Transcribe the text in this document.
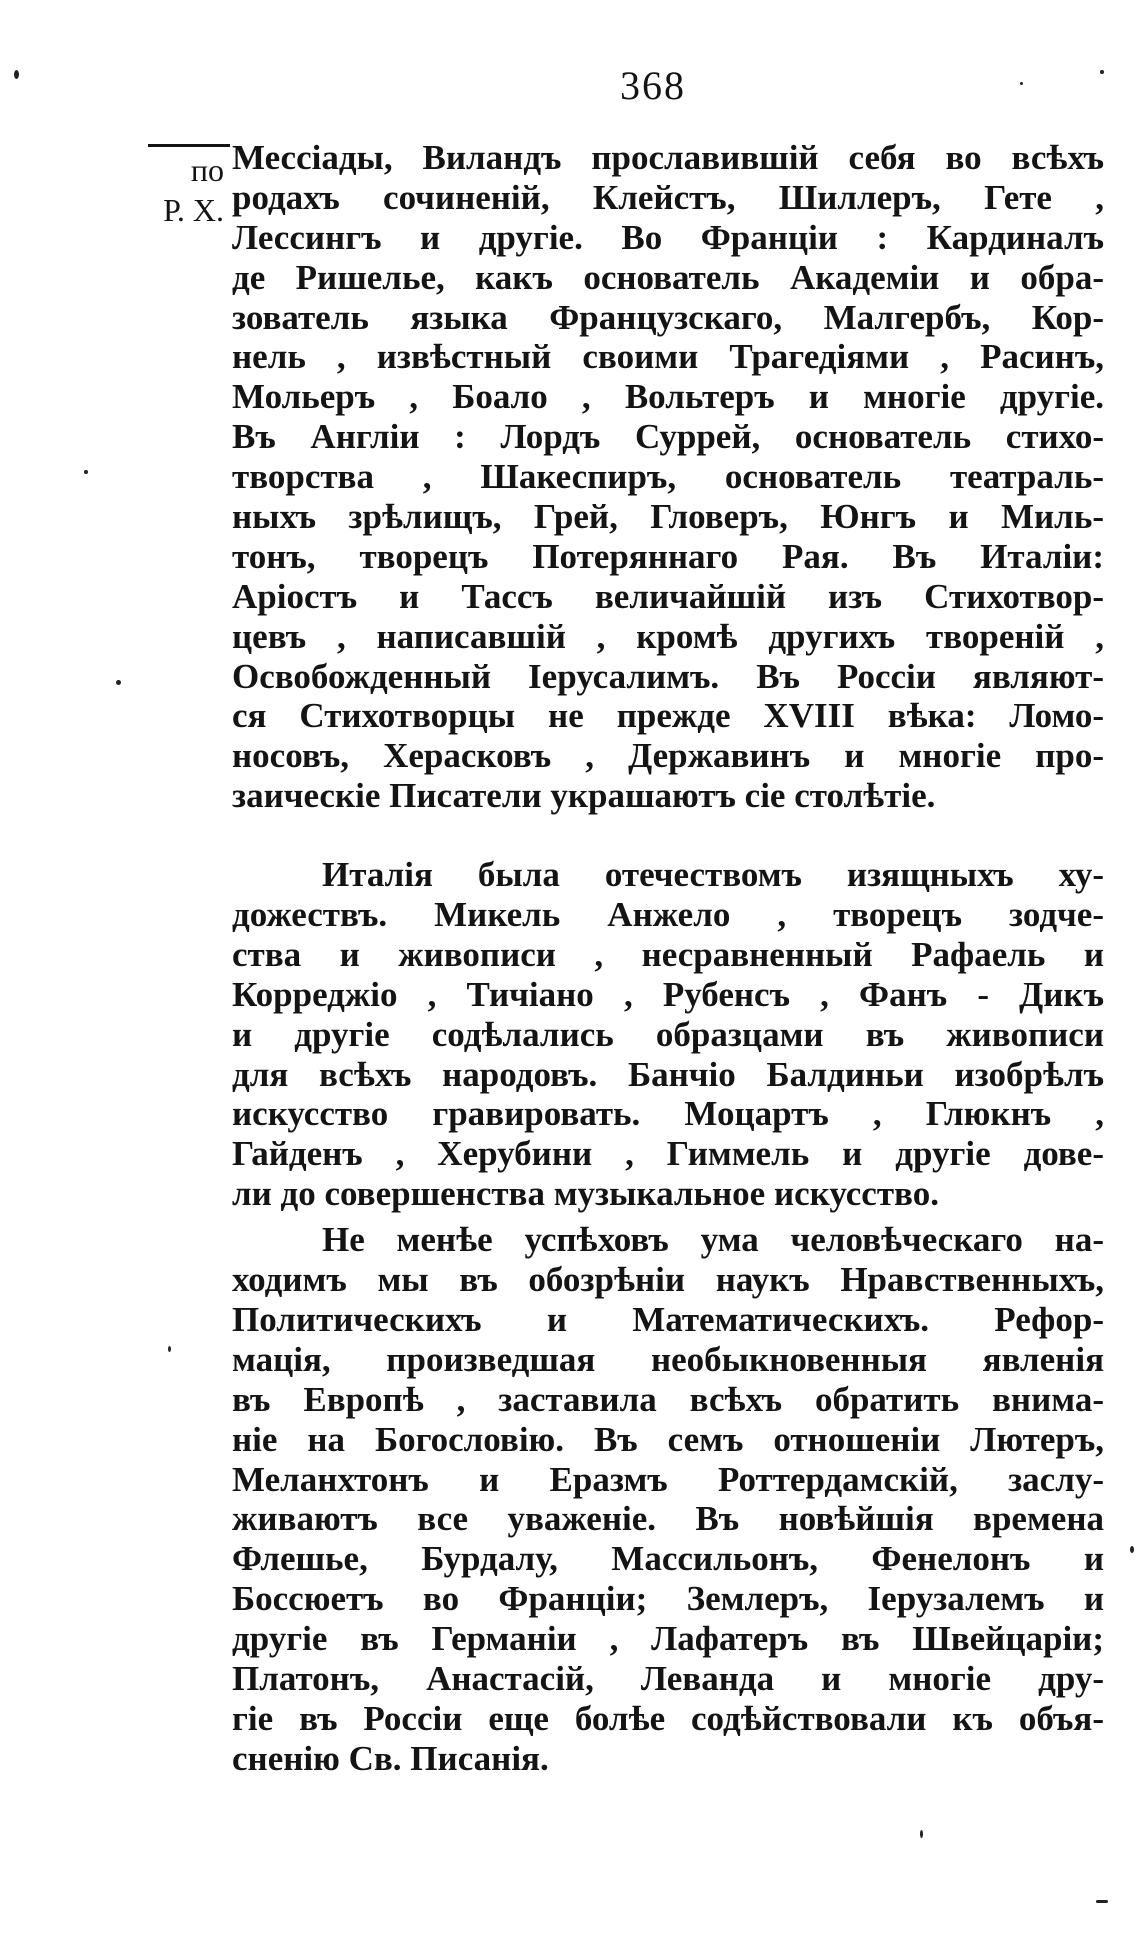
368
по
Р. Х.
Мессіады, Виландъ прославившій себя во всѣхъ
родахъ сочиненій, Клейстъ, Шиллеръ, Гете ,
Лессингъ и другіе. Во Франціи : Кардиналъ
де Ришелье, какъ основатель Академіи и обра-
зователь языка Французскаго, Малгербъ, Кор-
нель , извѣстный своими Трагедіями , Расинъ,
Мольеръ , Боало , Вольтеръ и многіе другіе.
Въ Англіи : Лордъ Суррей, основатель стихо-
творства , Шакеспиръ, основатель театраль-
ныхъ зрѣлищъ, Грей, Гловеръ, Юнгъ и Миль-
тонъ, творецъ Потеряннаго Рая. Въ Италіи:
Аріостъ и Тассъ величайшій изъ Стихотвор-
цевъ , написавшій , кромѣ другихъ твореній ,
Освобожденный Іерусалимъ. Въ Россіи являют-
ся Стихотворцы не прежде XVIII вѣка: Ломо-
носовъ, Херасковъ , Державинъ и многіе про-
заическіе Писатели украшаютъ сіе столѣтіе.
Италія была отечествомъ изящныхъ ху-
дожествъ. Микель Анжело , творецъ зодче-
ства и живописи , несравненный Рафаель и
Корреджіо , Тичіано , Рубенсъ , Фанъ - Дикъ
и другіе содѣлались образцами въ живописи
для всѣхъ народовъ. Банчіо Балдиньи изобрѣлъ
искусство гравировать. Моцартъ , Глюкнъ ,
Гайденъ , Херубини , Гиммель и другіе дове-
ли до совершенства музыкальное искусство.
Не менѣе успѣховъ ума человѣческаго на-
ходимъ мы въ обозрѣніи наукъ Нравственныхъ,
Политическихъ и Математическихъ. Рефор-
мація, произведшая необыкновенныя явленія
въ Европѣ , заставила всѣхъ обратить внима-
ніе на Богословію. Въ семъ отношеніи Лютеръ,
Меланхтонъ и Еразмъ Роттердамскій, заслу-
живаютъ все уваженіе. Въ новѣйшія времена
Флешье, Бурдалу, Массильонъ, Фенелонъ и
Боссюетъ во Франціи; Землеръ, Іерузалемъ и
другіе въ Германіи , Лафатеръ въ Швейцаріи;
Платонъ, Анастасій, Леванда и многіе дру-
гіе въ Россіи еще болѣе содѣйствовали къ объя-
сненію Св. Писанія.
